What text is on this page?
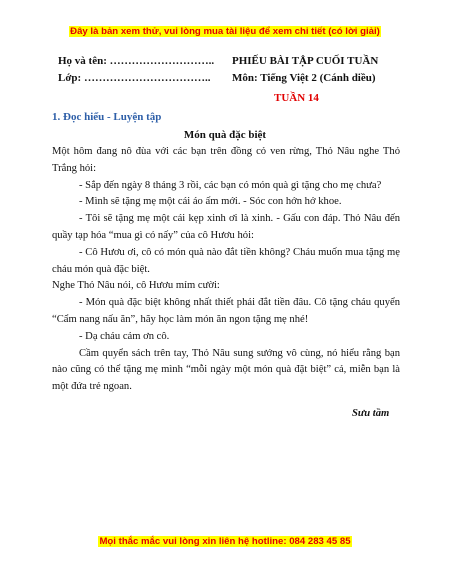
Đây là bản xem thử, vui lòng mua tài liệu để xem chi tiết (có lời giải)
Họ và tên: ……………………….. PHIẾU BÀI TẬP CUỐI TUẦN
Lớp: …………………………….. Môn: Tiếng Việt 2 (Cánh diều)
TUẦN 14
1. Đọc hiểu - Luyện tập
Món quà đặc biệt

Một hôm đang nô đùa với các bạn trên đồng cỏ ven rừng, Thỏ Nâu nghe Thỏ Trắng hỏi:

- Sắp đến ngày 8 tháng 3 rồi, các bạn có món quà gì tặng cho mẹ chưa?

- Mình sẽ tặng mẹ một cái áo ấm mới. - Sóc con hớn hở khoe.

- Tôi sẽ tặng mẹ một cái kẹp xinh ơi là xinh. - Gấu con đáp. Thỏ Nâu đến quầy tạp hóa “mua gì có nấy” của cô Hươu hỏi:

- Cô Hươu ơi, cô có món quà nào đắt tiền không? Cháu muốn mua tặng mẹ cháu món quà đặc biệt.

Nghe Thỏ Nâu nói, cô Hươu mỉm cười:

- Món quà đặc biệt không nhất thiết phải đắt tiền đâu. Cô tặng cháu quyển “Cẩm nang nấu ăn”, hãy học làm món ăn ngon tặng mẹ nhé!

- Dạ cháu cảm ơn cô.

Cầm quyển sách trên tay, Thỏ Nâu sung sướng vô cùng, nó hiểu rằng bạn nào cũng có thể tặng mẹ mình “mỗi ngày một món quà đặt biệt” cả, miễn bạn là một đứa trẻ ngoan.

Sưu tầm
Mọi thắc mắc vui lòng xin liên hệ hotline: 084 283 45 85
